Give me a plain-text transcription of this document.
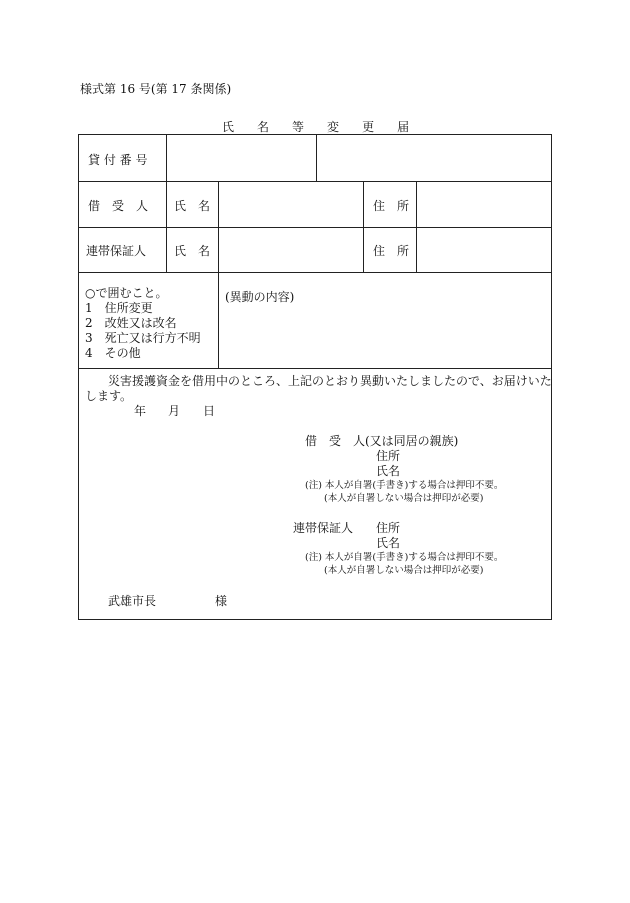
様式第 16 号(第 17 条関係)
氏 名 等 変 更 届
貸 付 番 号
借　受　人 氏　名	住　所
連帯保証人 氏　名	住　所
○で囲むこと。
1　住所変更
2　改姓又は改名
3　死亡又は行方不明
4　その他
(異動の内容)
災害援護資金を借用中のところ、上記のとおり異動いたしましたので、お届けいた
します。
年 月 日
借　受　人(又は同居の親族)
住所
氏名
(注) 本人が自署(手書き)する場合は押印不要。
(本人が自署しない場合は押印が必要)
連帯保証人 住所
氏名
(注) 本人が自署(手書き)する場合は押印不要。
(本人が自署しない場合は押印が必要)
武雄市長	様
